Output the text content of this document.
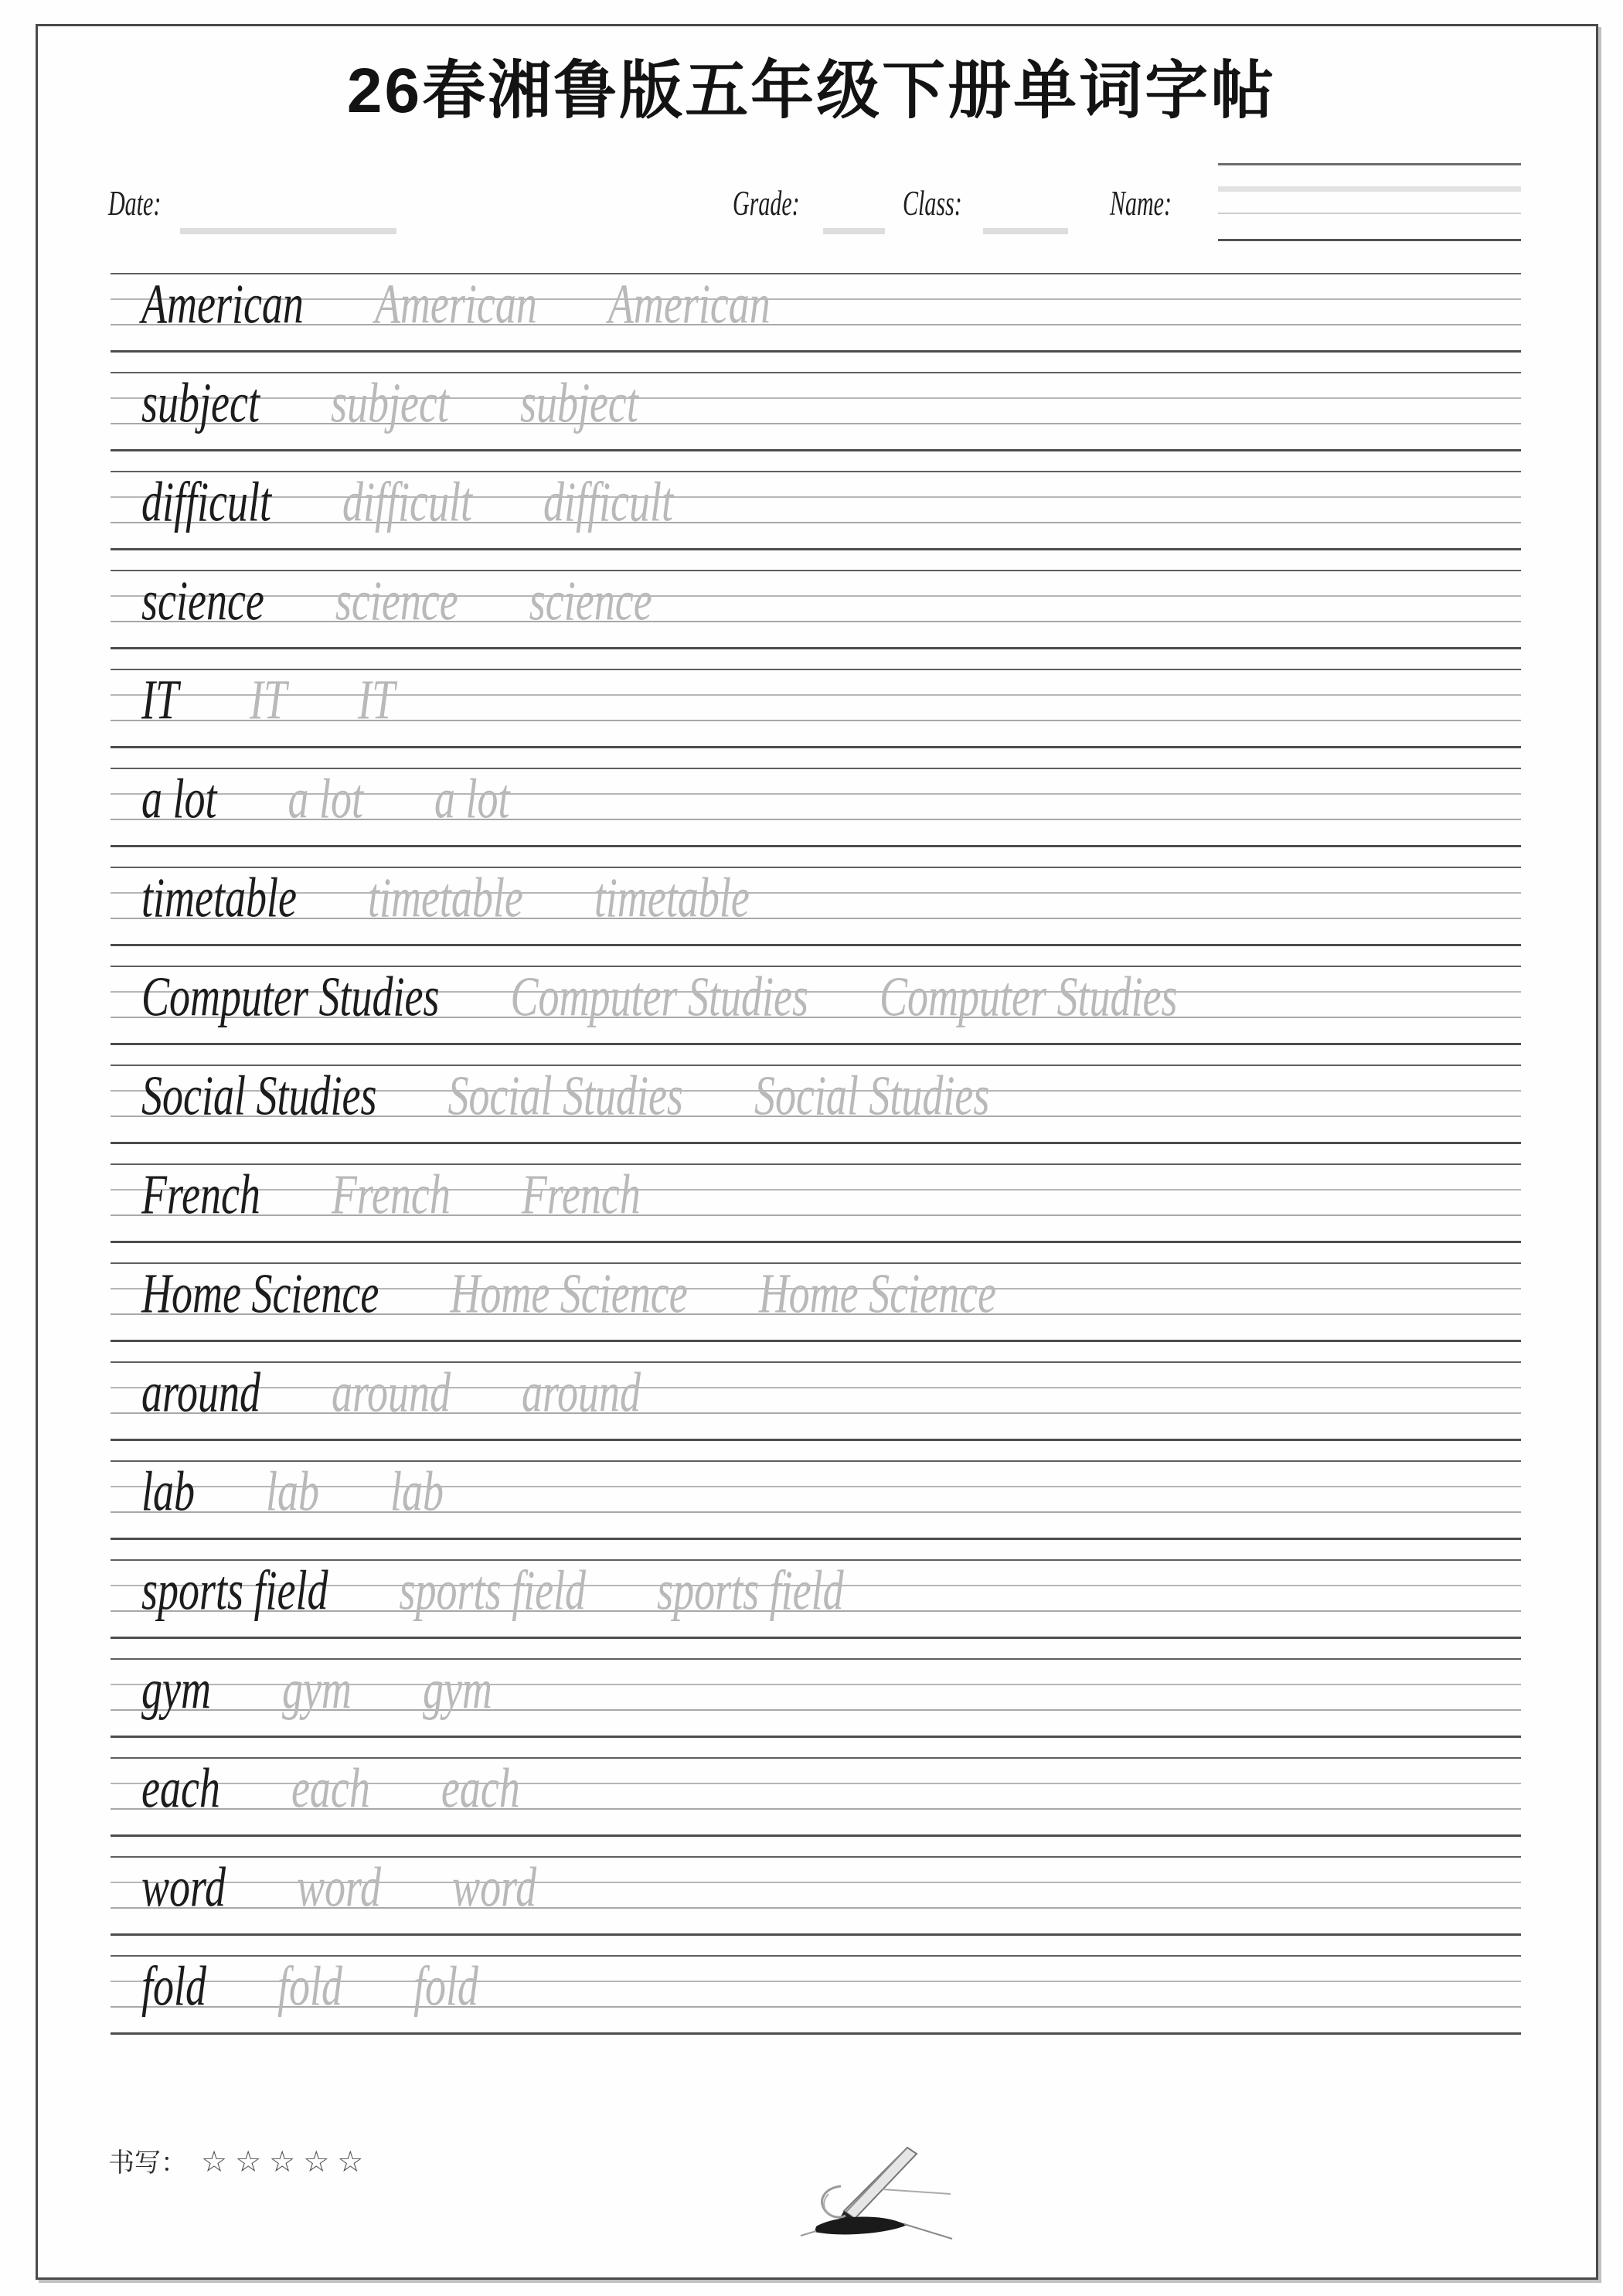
26春湘鲁版五年级下册单词字帖
Date:	Grade:	Class:	Name:
American American American
subject subject subject
difficult difficult difficult
science science science
IT IT IT
a lot a lot a lot
timetable timetable timetable
Computer Studies Computer Studies Computer Studies
Social Studies Social Studies Social Studies
French French French
Home Science Home Science Home Science
around around around
lab lab lab
sports field sports field sports field
gym gym gym
each each each
word word word
fold fold fold
书写： ☆☆☆☆☆
